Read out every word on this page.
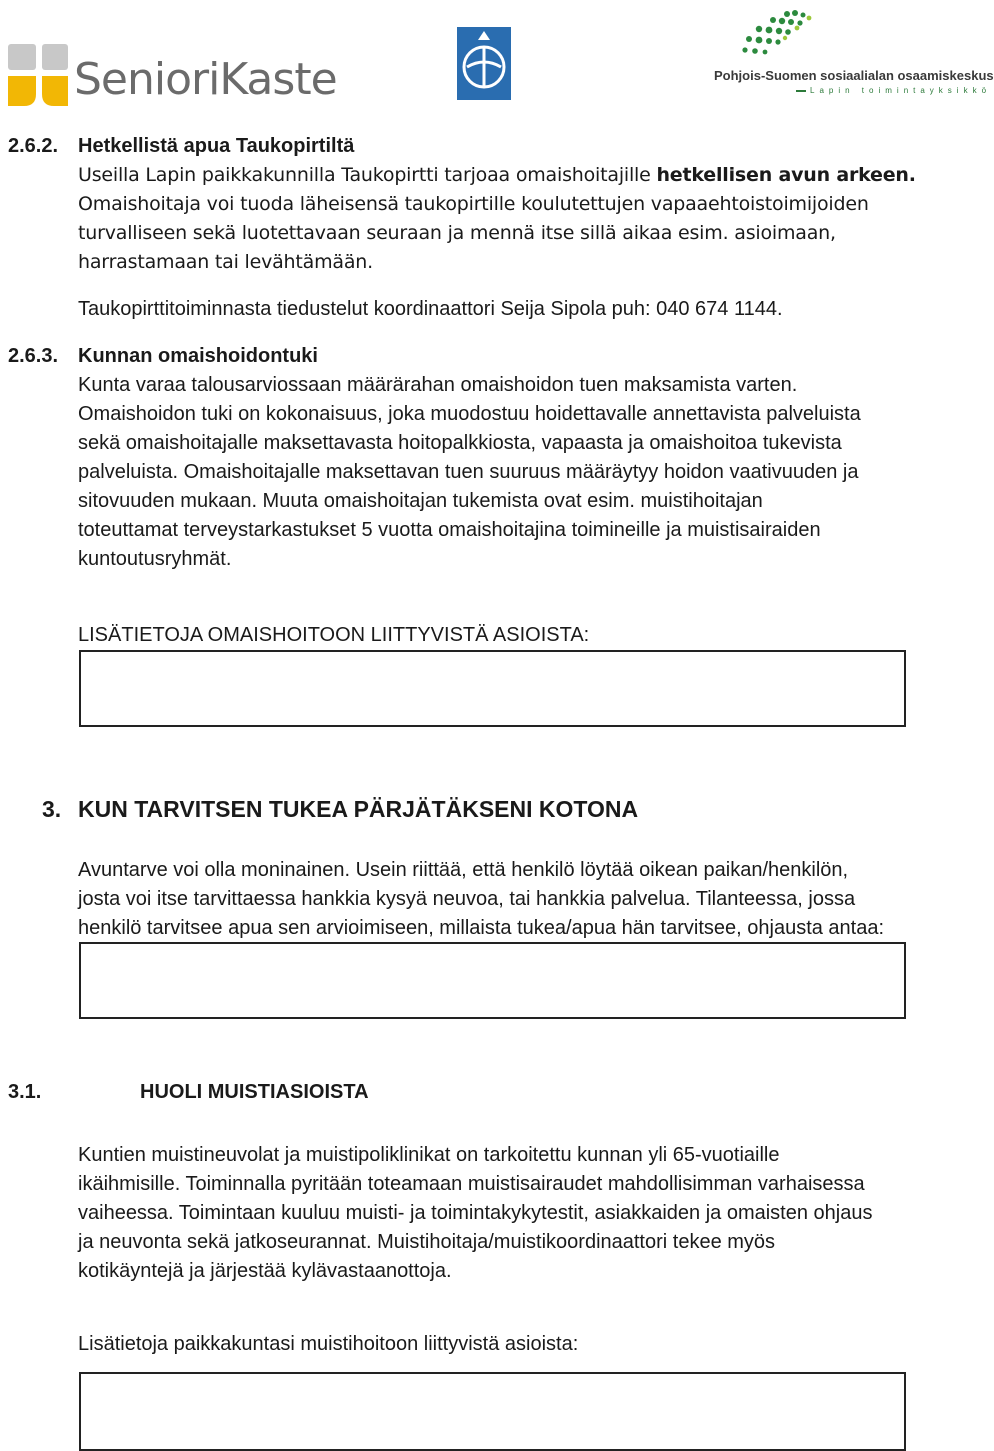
SenioriKaste	Pohjois-Suomen sosiaalialan osaamiskeskus
Lapin toimintayksikkö
2.6.2. Hetkellistä apua Taukopirtiltä
Useilla Lapin paikkakunnilla Taukopirtti tarjoaa omaishoitajille hetkellisen avun arkeen.
Omaishoitaja voi tuoda läheisensä taukopirtille koulutettujen vapaaehtoistoimijoiden
turvalliseen sekä luotettavaan seuraan ja mennä itse sillä aikaa esim. asioimaan,
harrastamaan tai levähtämään.
Taukopirttitoiminnasta tiedustelut koordinaattori Seija Sipola puh: 040 674 1144.
2.6.3. Kunnan omaishoidontuki
Kunta varaa talousarviossaan määrärahan omaishoidon tuen maksamista varten.
Omaishoidon tuki on kokonaisuus, joka muodostuu hoidettavalle annettavista palveluista
sekä omaishoitajalle maksettavasta hoitopalkkiosta, vapaasta ja omaishoitoa tukevista
palveluista. Omaishoitajalle maksettavan tuen suuruus määräytyy hoidon vaativuuden ja
sitovuuden mukaan. Muuta omaishoitajan tukemista ovat esim. muistihoitajan
toteuttamat terveystarkastukset 5 vuotta omaishoitajina toimineille ja muistisairaiden
kuntoutusryhmät.
LISÄTIETOJA OMAISHOITOON LIITTYVISTÄ ASIOISTA:
3. KUN TARVITSEN TUKEA PÄRJÄTÄKSENI KOTONA
Avuntarve voi olla moninainen. Usein riittää, että henkilö löytää oikean paikan/henkilön,
josta voi itse tarvittaessa hankkia kysyä neuvoa, tai hankkia palvelua. Tilanteessa, jossa
henkilö tarvitsee apua sen arvioimiseen, millaista tukea/apua hän tarvitsee, ohjausta antaa:
3.1.	HUOLI MUISTIASIOISTA
Kuntien muistineuvolat ja muistipoliklinikat on tarkoitettu kunnan yli 65-vuotiaille
ikäihmisille. Toiminnalla pyritään toteamaan muistisairaudet mahdollisimman varhaisessa
vaiheessa. Toimintaan kuuluu muisti- ja toimintakykytestit, asiakkaiden ja omaisten ohjaus
ja neuvonta sekä jatkoseurannat. Muistihoitaja/muistikoordinaattori tekee myös
kotikäyntejä ja järjestää kylävastaanottoja.
Lisätietoja paikkakuntasi muistihoitoon liittyvistä asioista:
